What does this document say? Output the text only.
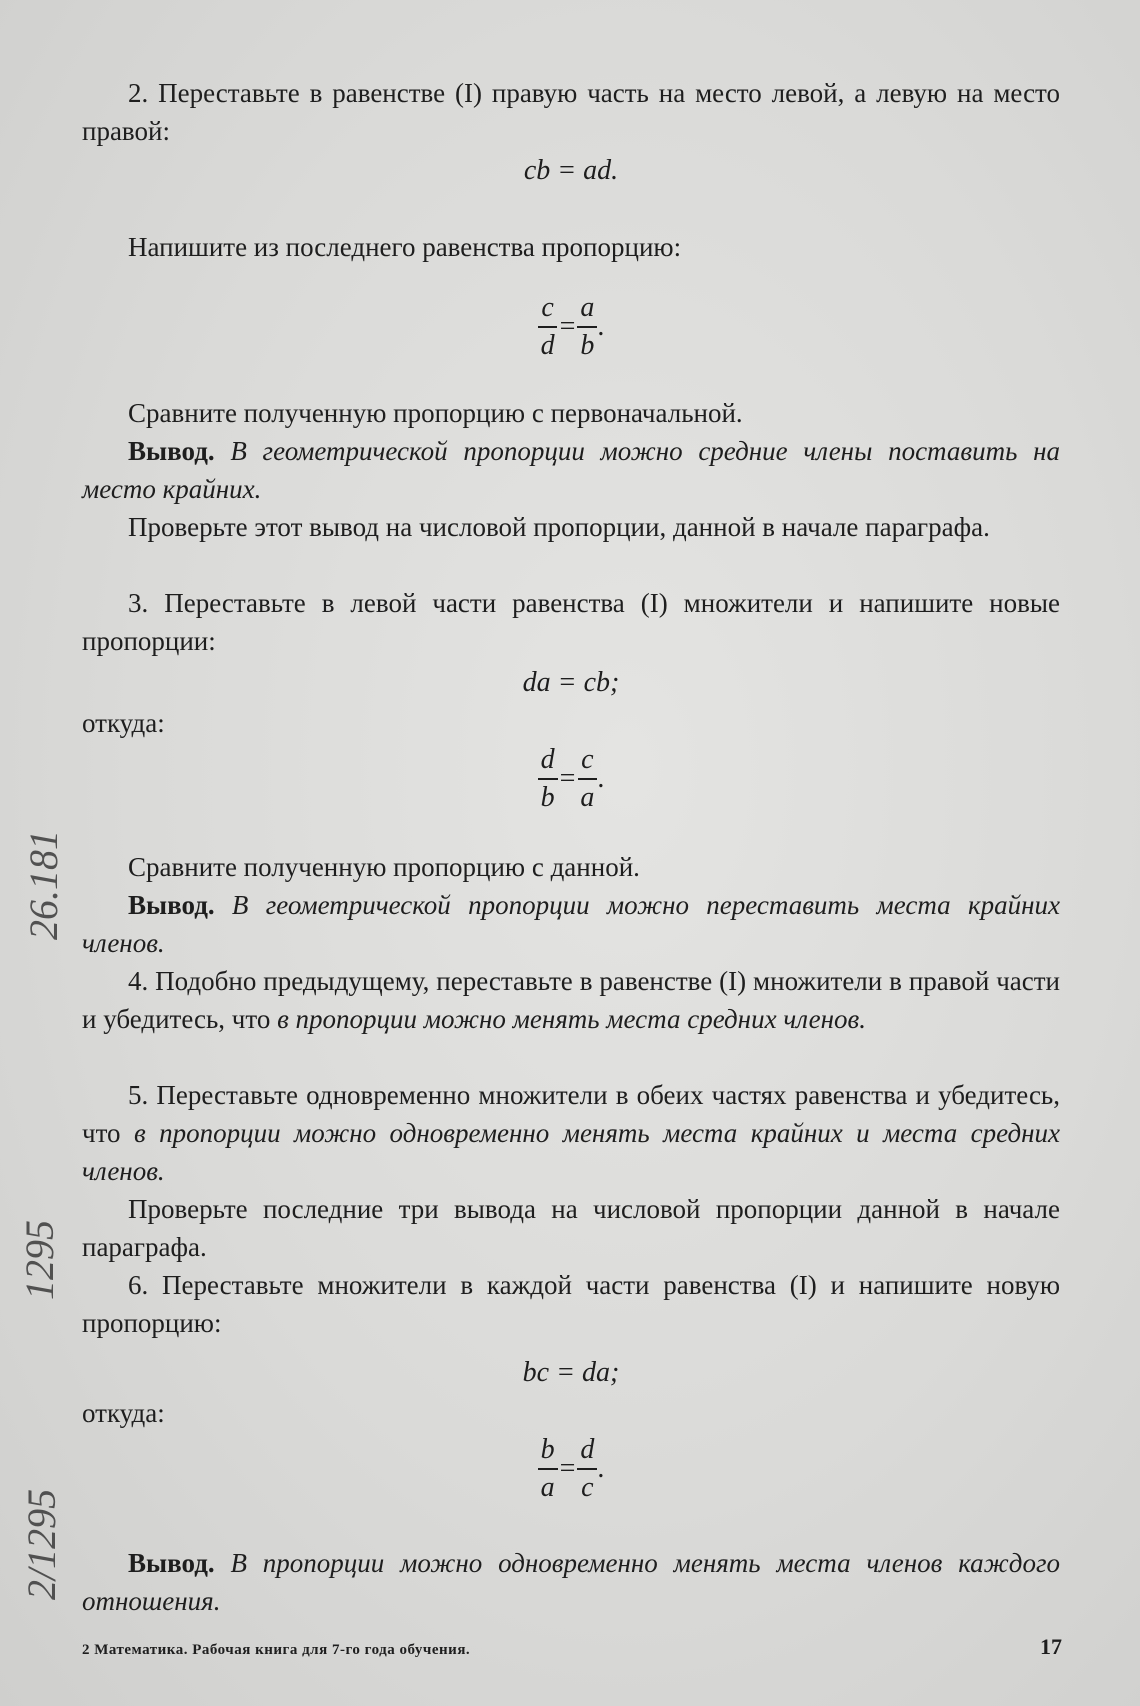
2. Переставьте в равенстве (I) правую часть на место левой, а левую на место правой:

cb = ad.

Напишите из последнего равенства пропорцию:

$\frac{c}{d} = \frac{a}{b}$ .

Сравните полученную пропорцию с первоначальной.

Вывод. В геометрической пропорции можно средние члены поставить на место крайних.

Проверьте этот вывод на числовой пропорции, данной в начале параграфа.

3. Переставьте в левой части равенства (I) множители и напишите новые пропорции:

da = cb;

откуда:

$\frac{d}{b} = \frac{c}{a}$ .

Сравните полученную пропорцию с данной.

Вывод. В геометрической пропорции можно переставить места крайних членов.

4. Подобно предыдущему, переставьте в равенстве (I) множители в правой части и убедитесь, что в пропорции можно менять места средних членов.

5. Переставьте одновременно множители в обеих частях равенства и убедитесь, что в пропорции можно одновременно менять места крайних и места средних членов.

Проверьте последние три вывода на числовой пропорции данной в начале параграфа.

6. Переставьте множители в каждой части равенства (I) и напишите новую пропорцию:

bc = da;

откуда:

$\frac{b}{a} = \frac{d}{c}$ .

Вывод. В пропорции можно одновременно менять места членов каждого отношения.

26.181
1295
2/1295
2 Математика. Рабочая книга для 7-го года обучения.	17
